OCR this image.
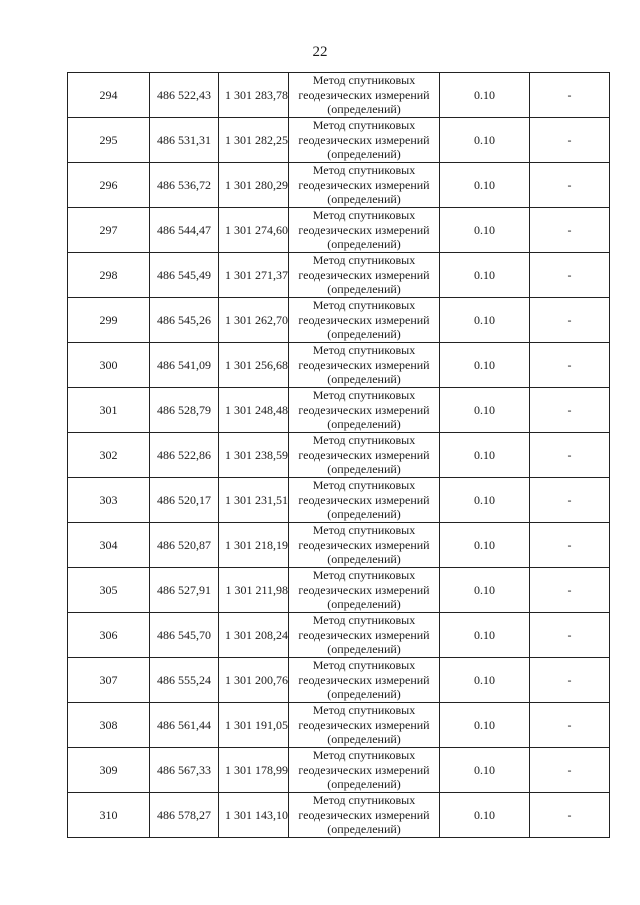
22
294	486 522,43	1 301 283,78	Метод спутниковых
геодезических измерений
(определений)	0.10	-
295	486 531,31	1 301 282,25	Метод спутниковых
геодезических измерений
(определений)	0.10	-
296	486 536,72	1 301 280,29	Метод спутниковых
геодезических измерений
(определений)	0.10	-
297	486 544,47	1 301 274,60	Метод спутниковых
геодезических измерений
(определений)	0.10	-
298	486 545,49	1 301 271,37	Метод спутниковых
геодезических измерений
(определений)	0.10	-
299	486 545,26	1 301 262,70	Метод спутниковых
геодезических измерений
(определений)	0.10	-
300	486 541,09	1 301 256,68	Метод спутниковых
геодезических измерений
(определений)	0.10	-
301	486 528,79	1 301 248,48	Метод спутниковых
геодезических измерений
(определений)	0.10	-
302	486 522,86	1 301 238,59	Метод спутниковых
геодезических измерений
(определений)	0.10	-
303	486 520,17	1 301 231,51	Метод спутниковых
геодезических измерений
(определений)	0.10	-
304	486 520,87	1 301 218,19	Метод спутниковых
геодезических измерений
(определений)	0.10	-
305	486 527,91	1 301 211,98	Метод спутниковых
геодезических измерений
(определений)	0.10	-
306	486 545,70	1 301 208,24	Метод спутниковых
геодезических измерений
(определений)	0.10	-
307	486 555,24	1 301 200,76	Метод спутниковых
геодезических измерений
(определений)	0.10	-
308	486 561,44	1 301 191,05	Метод спутниковых
геодезических измерений
(определений)	0.10	-
309	486 567,33	1 301 178,99	Метод спутниковых
геодезических измерений
(определений)	0.10	-
310	486 578,27	1 301 143,10	Метод спутниковых
геодезических измерений
(определений)	0.10	-
